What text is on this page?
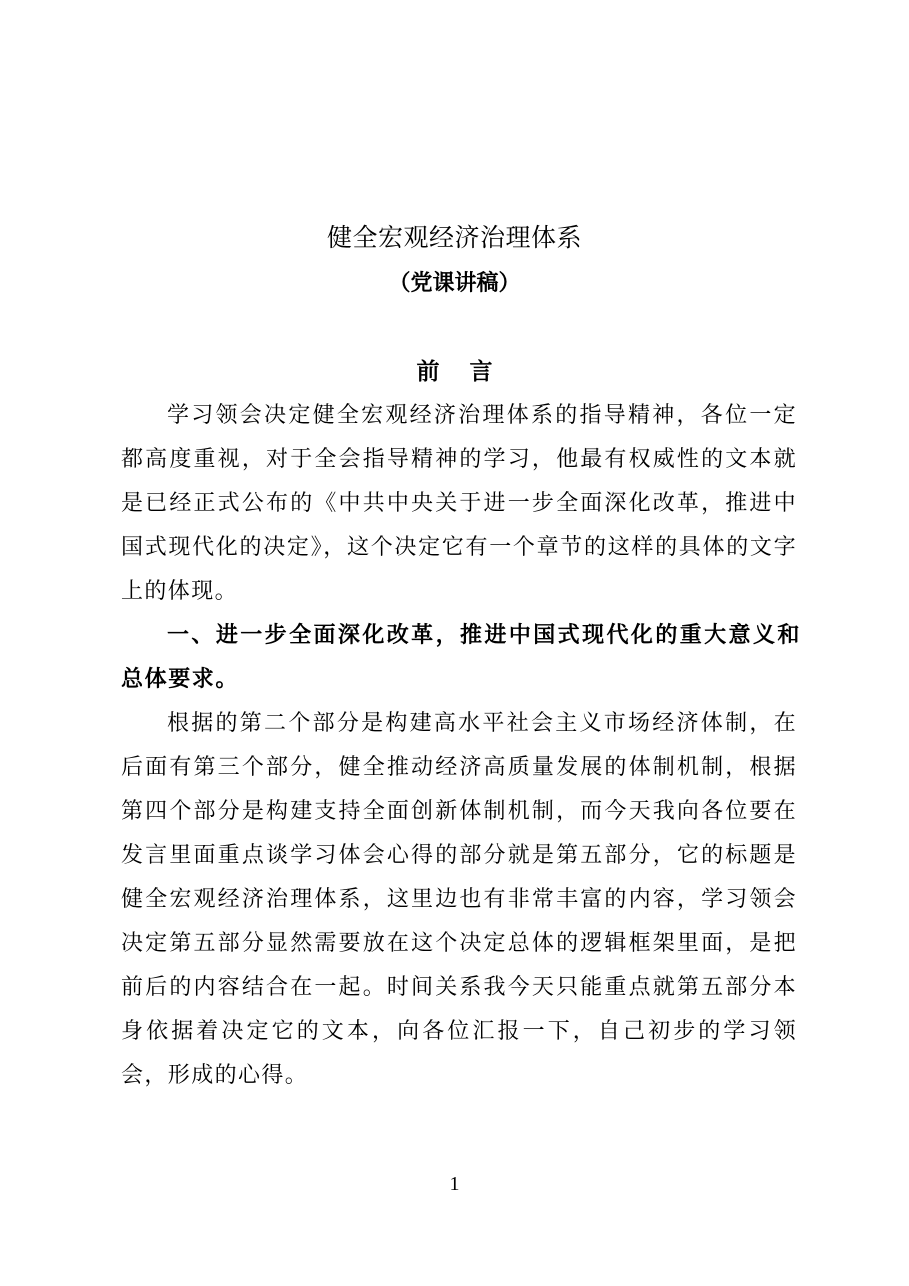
健全宏观经济治理体系
（党课讲稿）
前言

学习领会决定健全宏观经济治理体系的指导精神，各位一定都高度重视，对于全会指导精神的学习，他最有权威性的文本就是已经正式公布的《中共中央关于进一步全面深化改革，推进中国式现代化的决定》，这个决定它有一个章节的这样的具体的文字上的体现。

一、进一步全面深化改革，推进中国式现代化的重大意义和总体要求。

根据的第二个部分是构建高水平社会主义市场经济体制，在后面有第三个部分，健全推动经济高质量发展的体制机制，根据第四个部分是构建支持全面创新体制机制，而今天我向各位要在发言里面重点谈学习体会心得的部分就是第五部分，它的标题是健全宏观经济治理体系，这里边也有非常丰富的内容，学习领会决定第五部分显然需要放在这个决定总体的逻辑框架里面，是把前后的内容结合在一起。时间关系我今天只能重点就第五部分本身依据着决定它的文本，向各位汇报一下，自己初步的学习领会，形成的心得。

1
